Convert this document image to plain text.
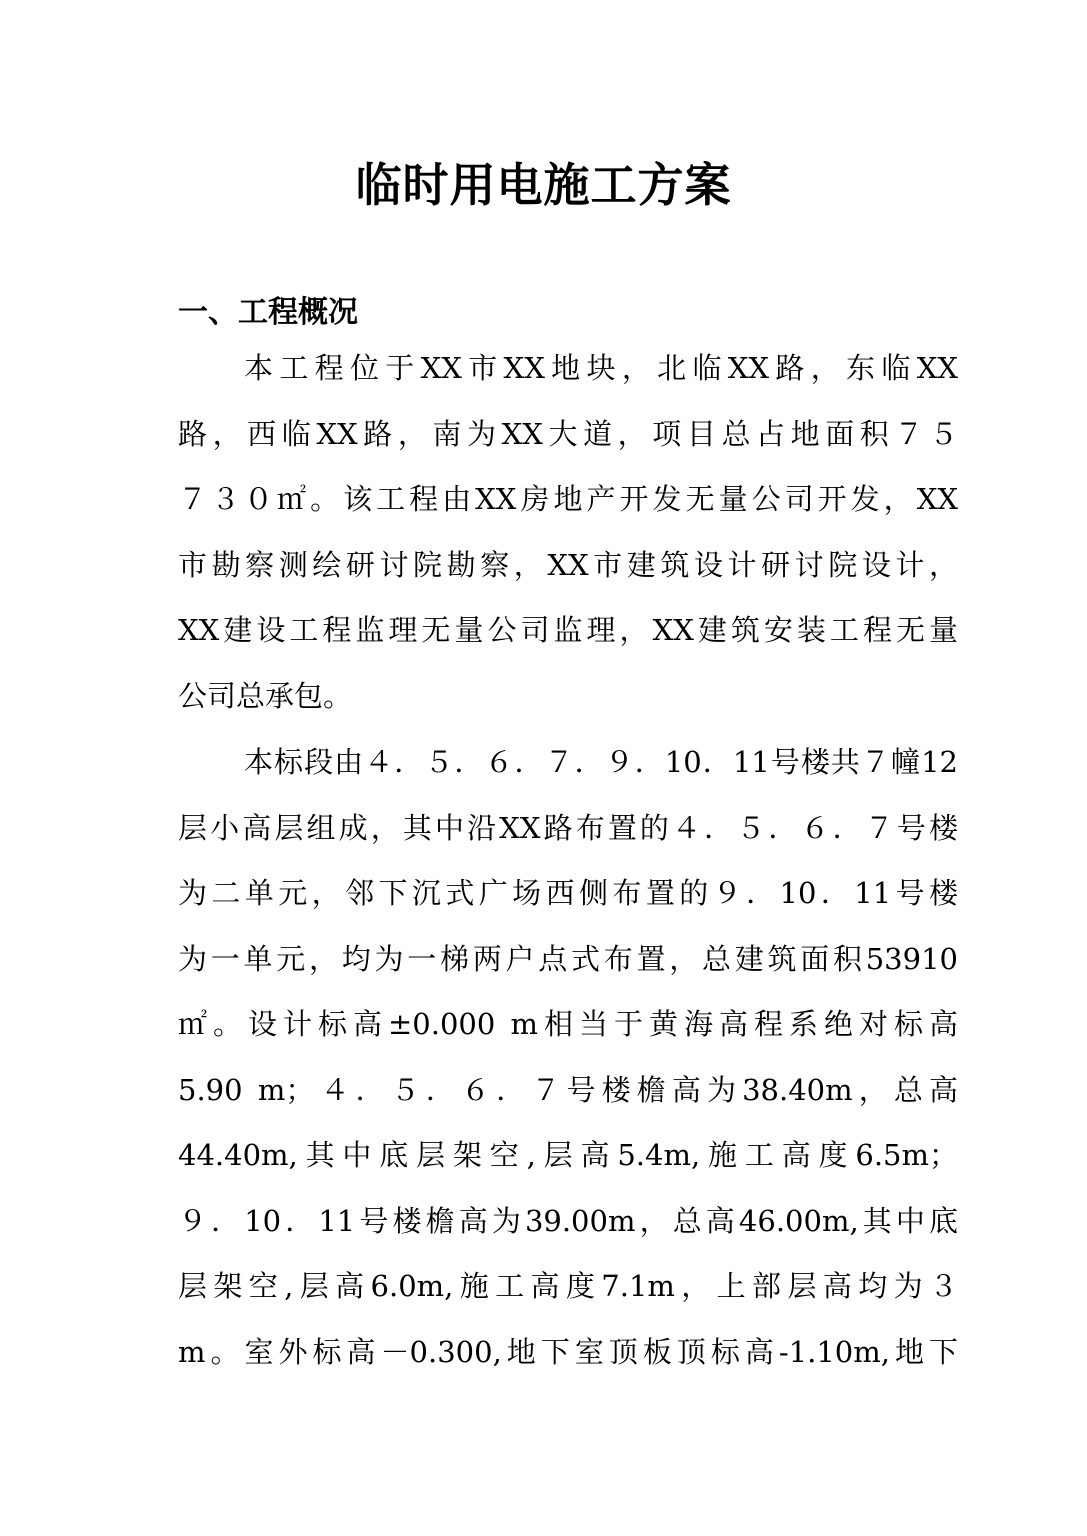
临时用电施工方案
一、工程概况
本工程位于XX市XX地块，北临XX路，东临XX
路，西临XX路，南为XX大道，项目总占地面积７５
７３０㎡。该工程由XX房地产开发无量公司开发，XX
市勘察测绘研讨院勘察，XX市建筑设计研讨院设计，
XX建设工程监理无量公司监理，XX建筑安装工程无量
公司总承包。
本标段由４．５．６．７．９．10．11号楼共７幢12
层小高层组成，其中沿XX路布置的４．５．６．７号楼
为二单元，邻下沉式广场西侧布置的９．10．11号楼
为一单元，均为一梯两户点式布置，总建筑面积53910
㎡。设计标高±0.000 m相当于黄海高程系绝对标高
5.90 m；４．５．６．７号楼檐高为38.40m，总高
44.40m,其中底层架空,层高5.4m,施工高度6.5m；
９．10．11号楼檐高为39.00m，总高46.00m,其中底
层架空,层高6.0m,施工高度7.1m，上部层高均为３
m。室外标高－0.300,地下室顶板顶标高-1.10m,地下
